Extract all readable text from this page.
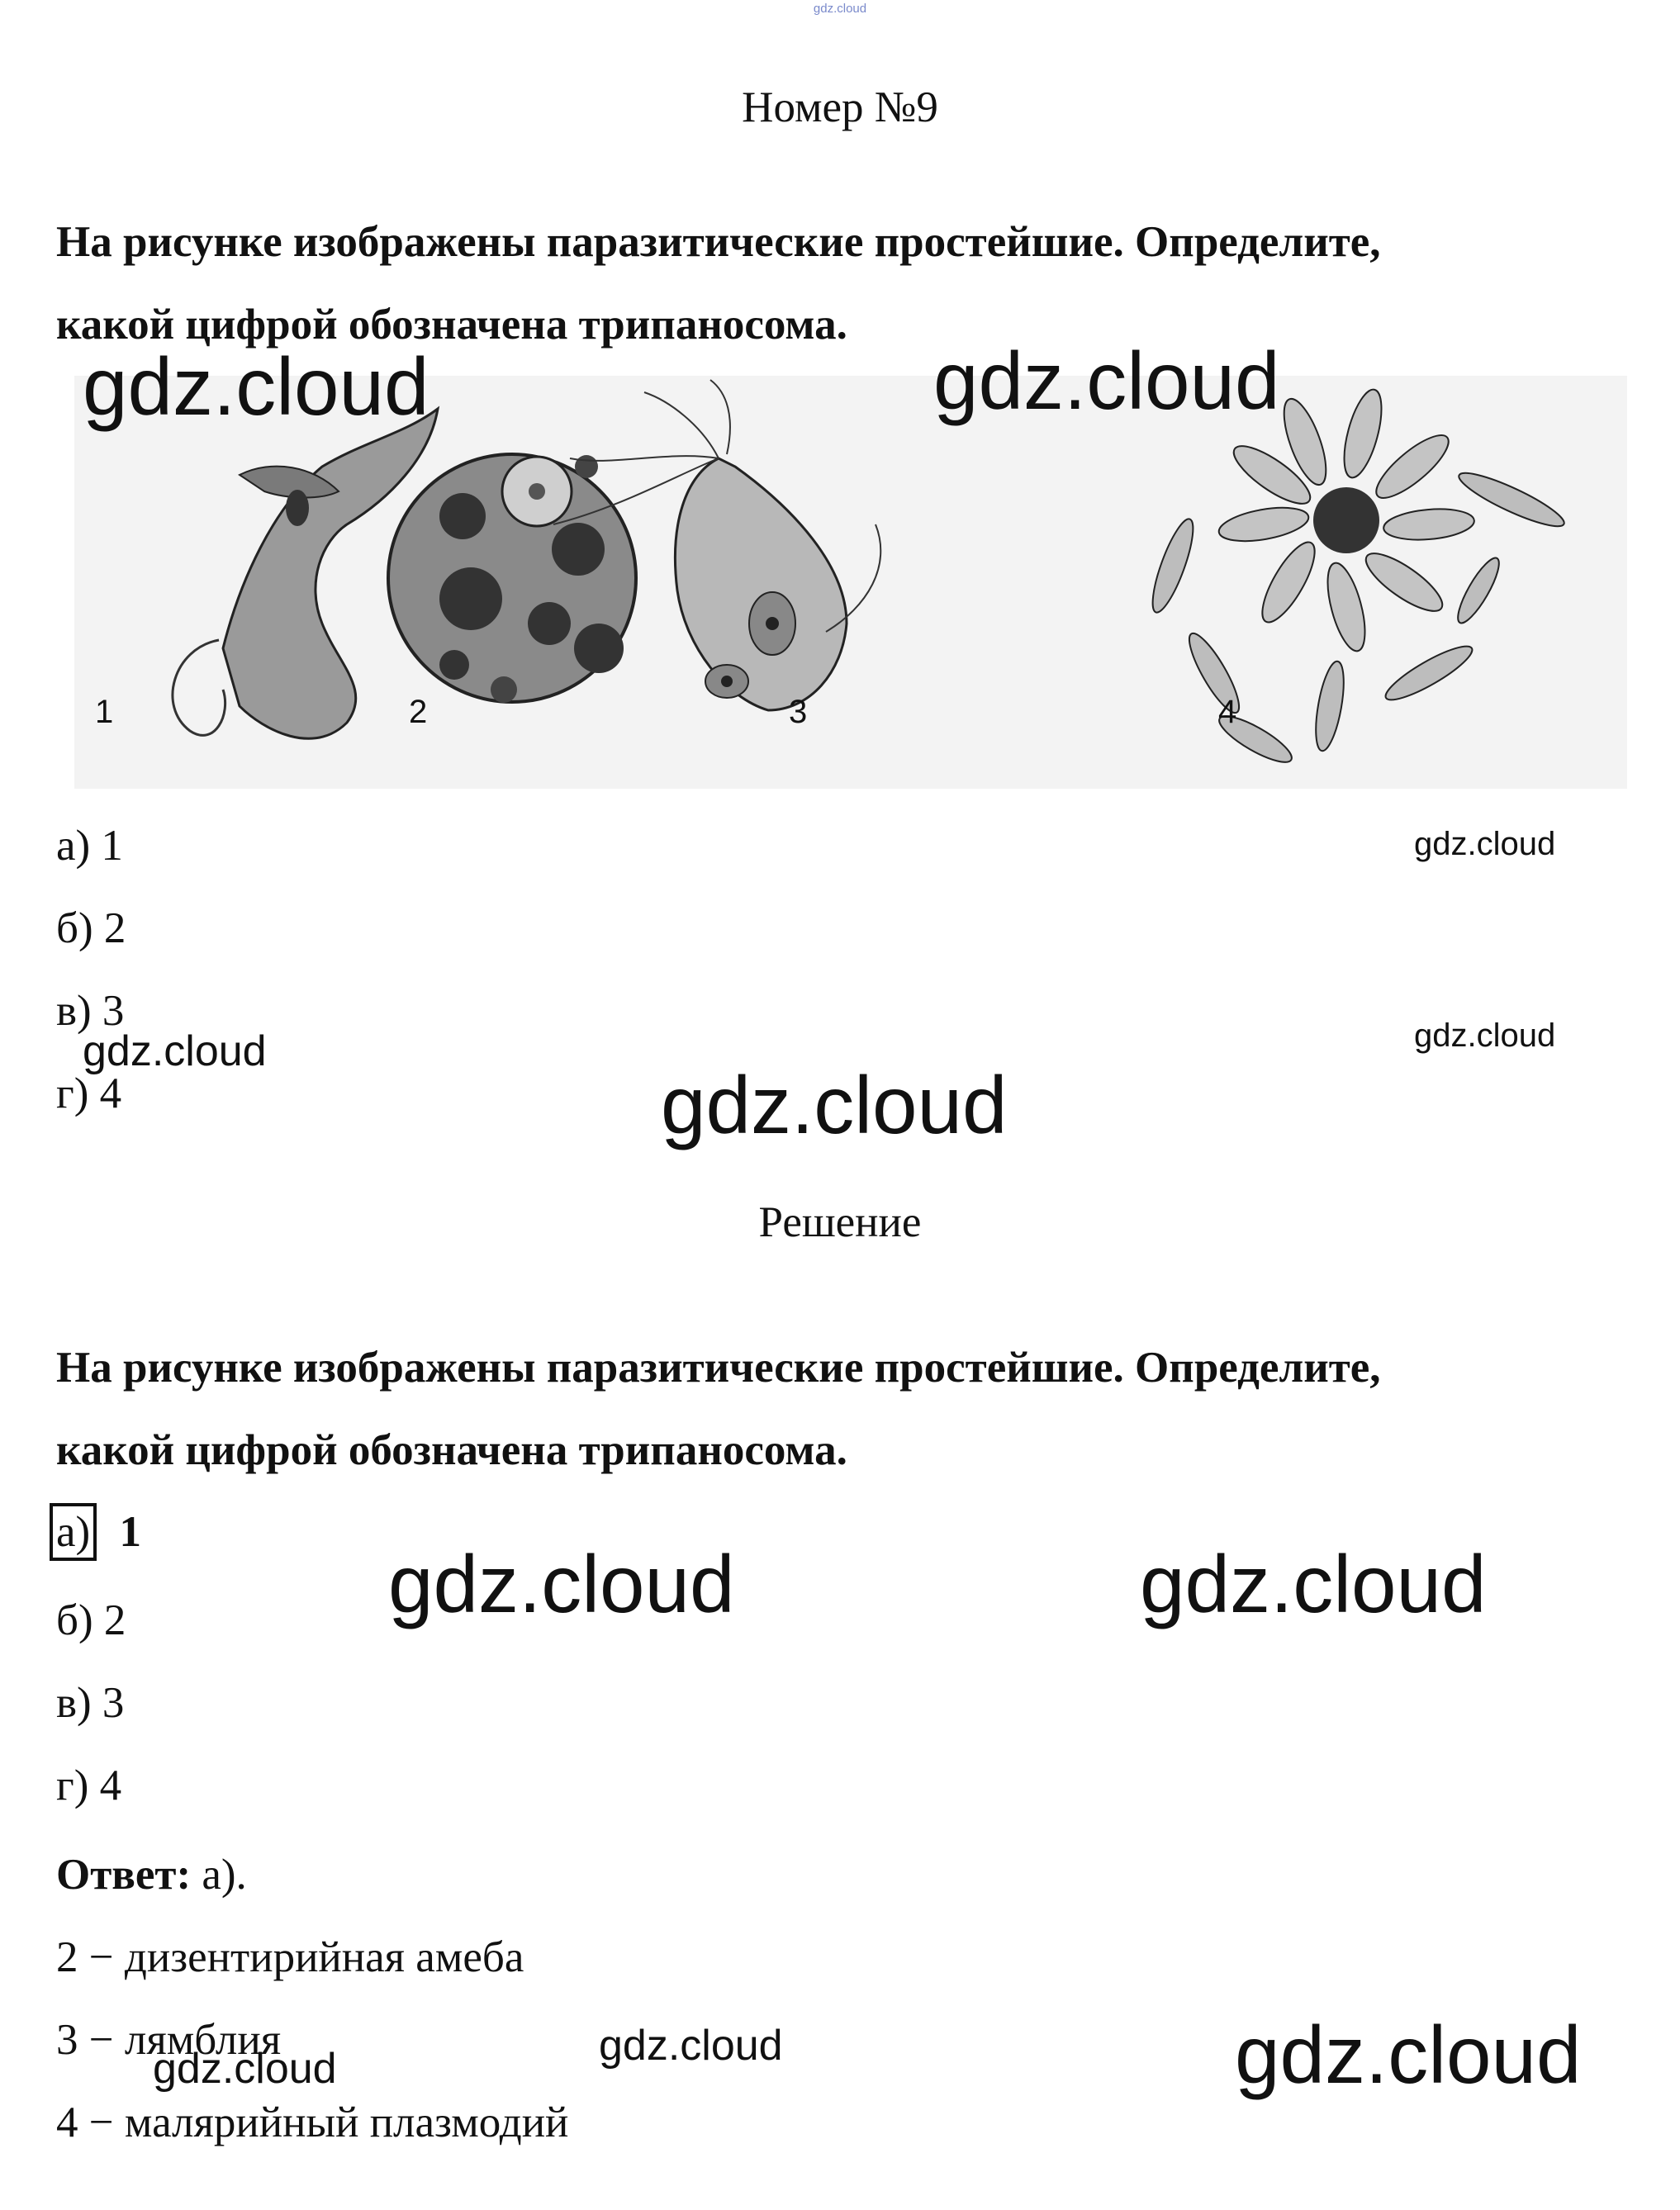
gdz.cloud
Номер №9
На рисунке изображены паразитические простейшие. Определите,
какой цифрой обозначена трипаносома.
1	2	3	4
gdz.cloud	gdz.cloud
а) 1
б) 2
в) 3
г) 4
gdz.cloud
gdz.cloud	gdz.cloud
gdz.cloud
Решение
На рисунке изображены паразитические простейшие. Определите,
какой цифрой обозначена трипаносома.
а) 1
б) 2
в) 3
г) 4
gdz.cloud	gdz.cloud
Ответ: а).
2 − дизентирийная амеба
3 − лямблия
4 − малярийный плазмодий
gdz.cloud	gdz.cloud	gdz.cloud
